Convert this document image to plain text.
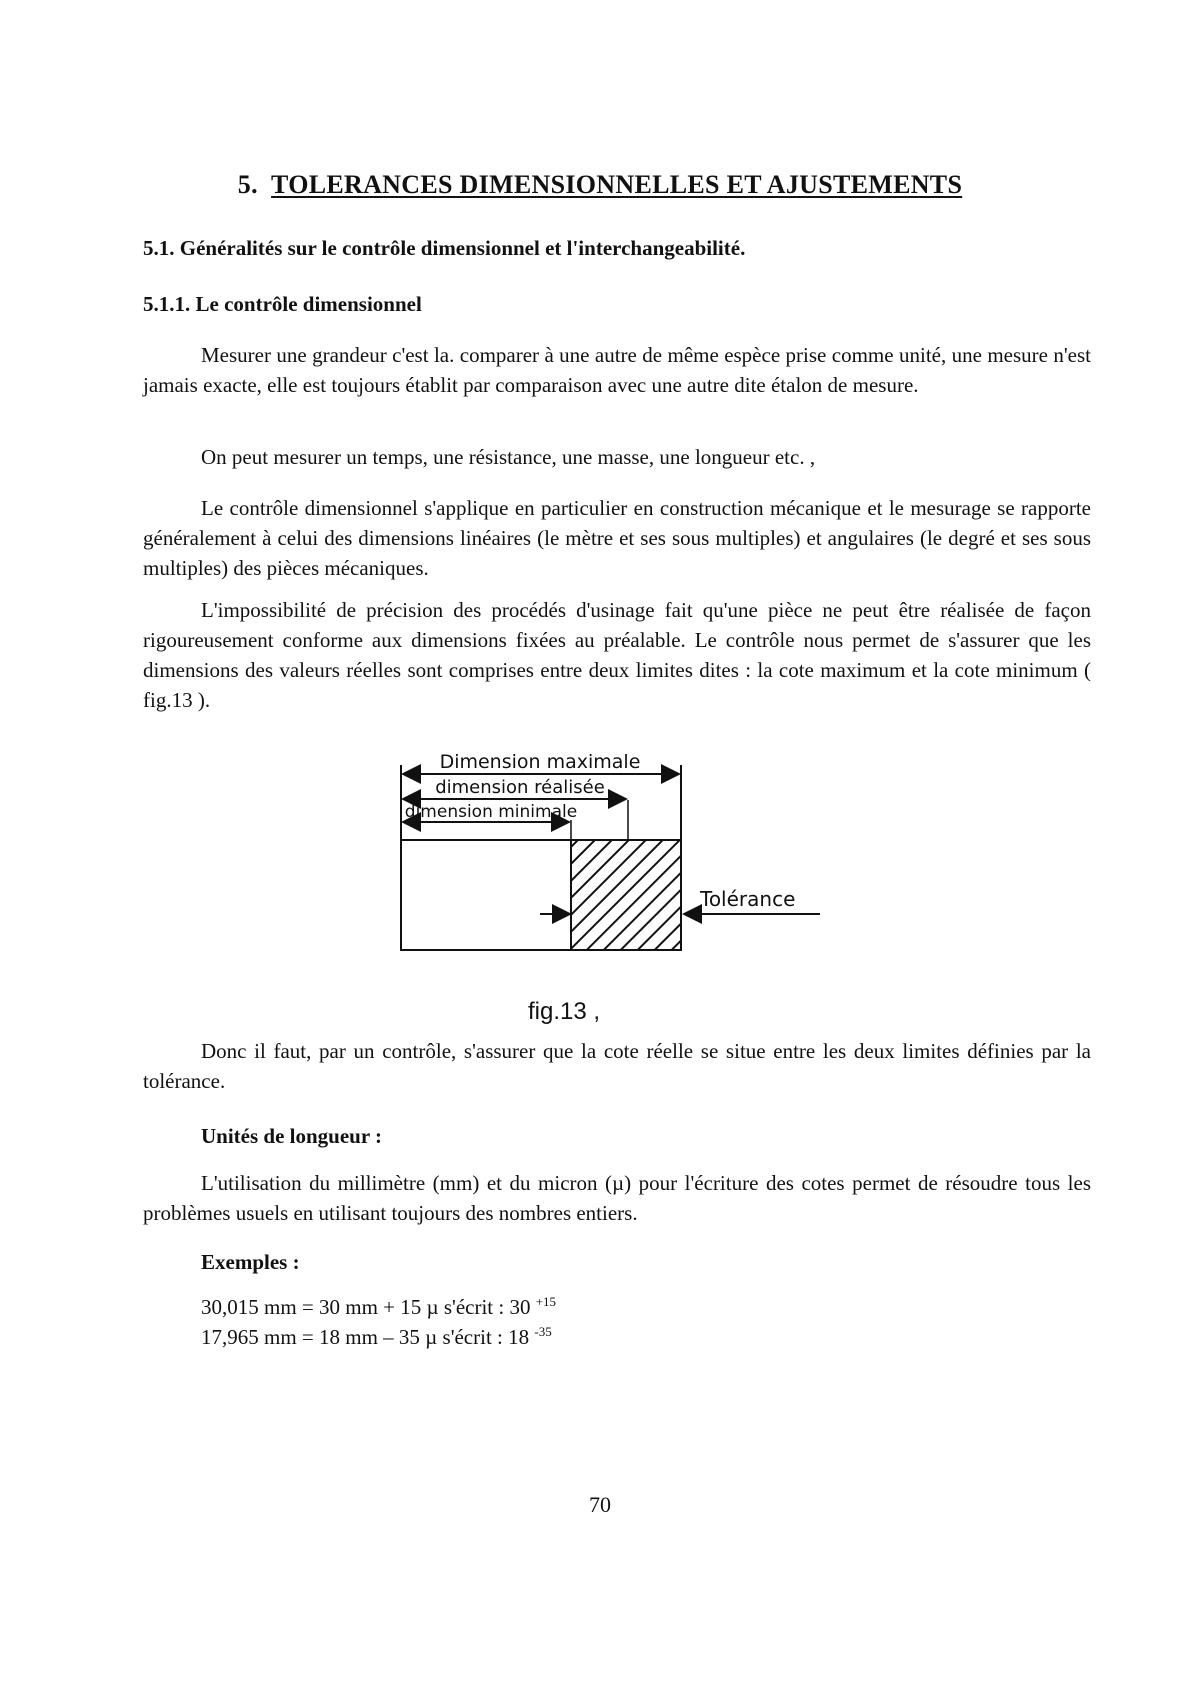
5. TOLERANCES DIMENSIONNELLES ET AJUSTEMENTS
5.1. Généralités sur le contrôle dimensionnel et l'interchangeabilité.
5.1.1. Le contrôle dimensionnel

Mesurer une grandeur c'est la. comparer à une autre de même espèce prise comme unité, une mesure n'est jamais exacte, elle est toujours établit par comparaison avec une autre dite étalon de mesure.

On peut mesurer un temps, une résistance, une masse, une longueur etc. ,

Le contrôle dimensionnel s'applique en particulier en construction mécanique et le mesurage se rapporte généralement à celui des dimensions linéaires (le mètre et ses sous multiples) et angulaires (le degré et ses sous multiples) des pièces mécaniques.

L'impossibilité de précision des procédés d'usinage fait qu'une pièce ne peut être réalisée de façon rigoureusement conforme aux dimensions fixées au préalable. Le contrôle nous permet de s'assurer que les dimensions des valeurs réelles sont comprises entre deux limites dites : la cote maximum et la cote minimum ( fig.13 ).

Dimension maximale
dimension réalisée
dimension minimale
Tolérance
fig.13 ,

Donc il faut, par un contrôle, s'assurer que la cote réelle se situe entre les deux limites définies par la tolérance.

Unités de longueur :

L'utilisation du millimètre (mm) et du micron (µ) pour l'écriture des cotes permet de résoudre tous les problèmes usuels en utilisant toujours des nombres entiers.

Exemples :
30,015 mm = 30 mm + 15 µ s'écrit : 30 $^{+15}$
17,965 mm = 18 mm – 35 µ s'écrit : 18 $^{-35}$
70
